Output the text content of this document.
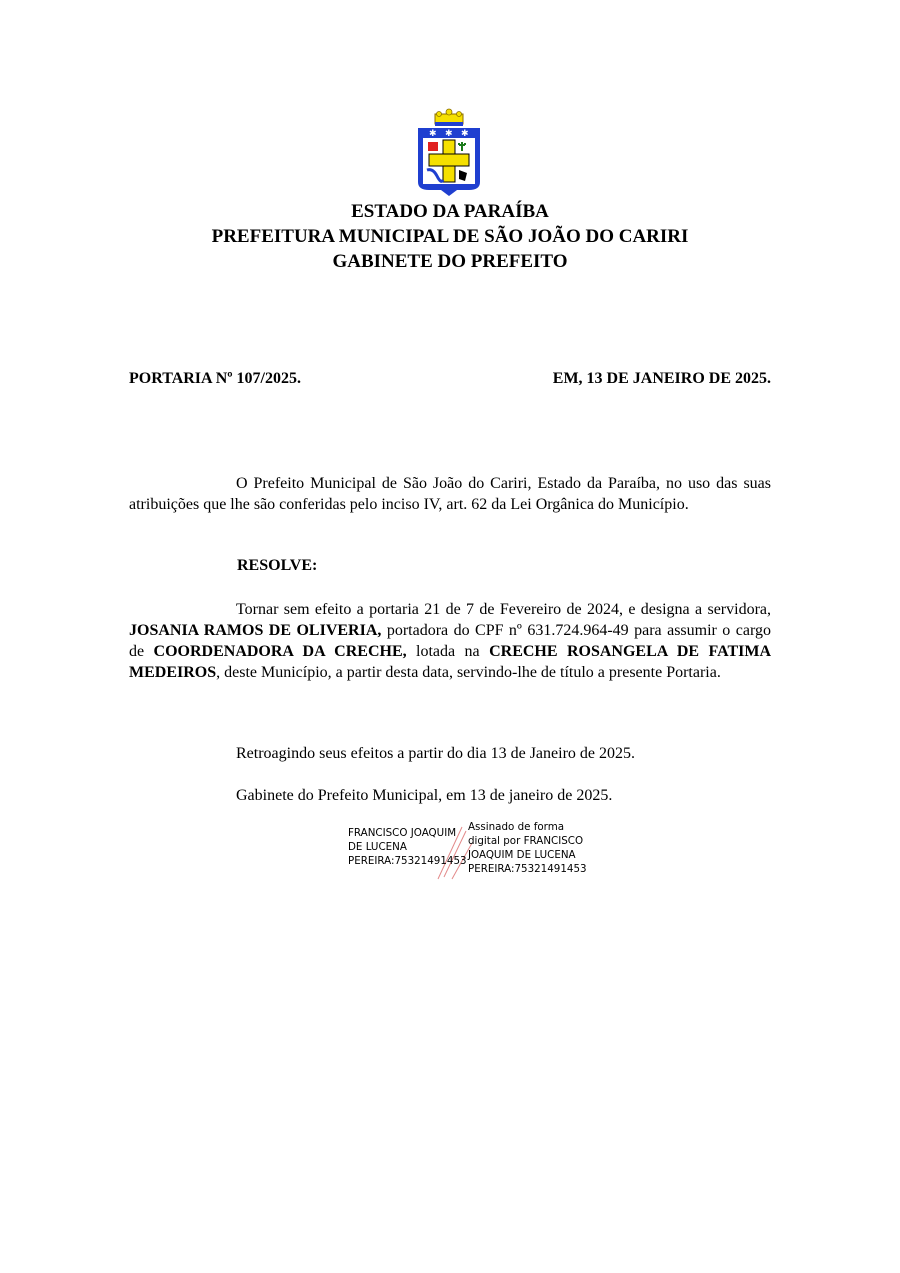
✱ ✱ ✱
ESTADO DA PARAÍBA
PREFEITURA MUNICIPAL DE SÃO JOÃO DO CARIRI
GABINETE DO PREFEITO
PORTARIA Nº 107/2025.	EM, 13 DE JANEIRO DE 2025.
O Prefeito Municipal de São João do Cariri, Estado da Paraíba, no uso das suas atribuições que lhe são conferidas pelo inciso IV, art. 62 da Lei Orgânica do Município.
RESOLVE:
Tornar sem efeito a portaria 21 de 7 de Fevereiro de 2024, e designa a servidora, JOSANIA RAMOS DE OLIVERIA, portadora do CPF nº 631.724.964-49 para assumir o cargo de COORDENADORA DA CRECHE, lotada na CRECHE ROSANGELA DE FATIMA MEDEIROS, deste Município, a partir desta data, servindo-lhe de título a presente Portaria.
Retroagindo seus efeitos a partir do dia 13 de Janeiro de 2025.
Gabinete do Prefeito Municipal, em 13 de janeiro de 2025.
FRANCISCO JOAQUIM
DE LUCENA
PEREIRA:75321491453
Assinado de forma
digital por FRANCISCO
JOAQUIM DE LUCENA
PEREIRA:75321491453
